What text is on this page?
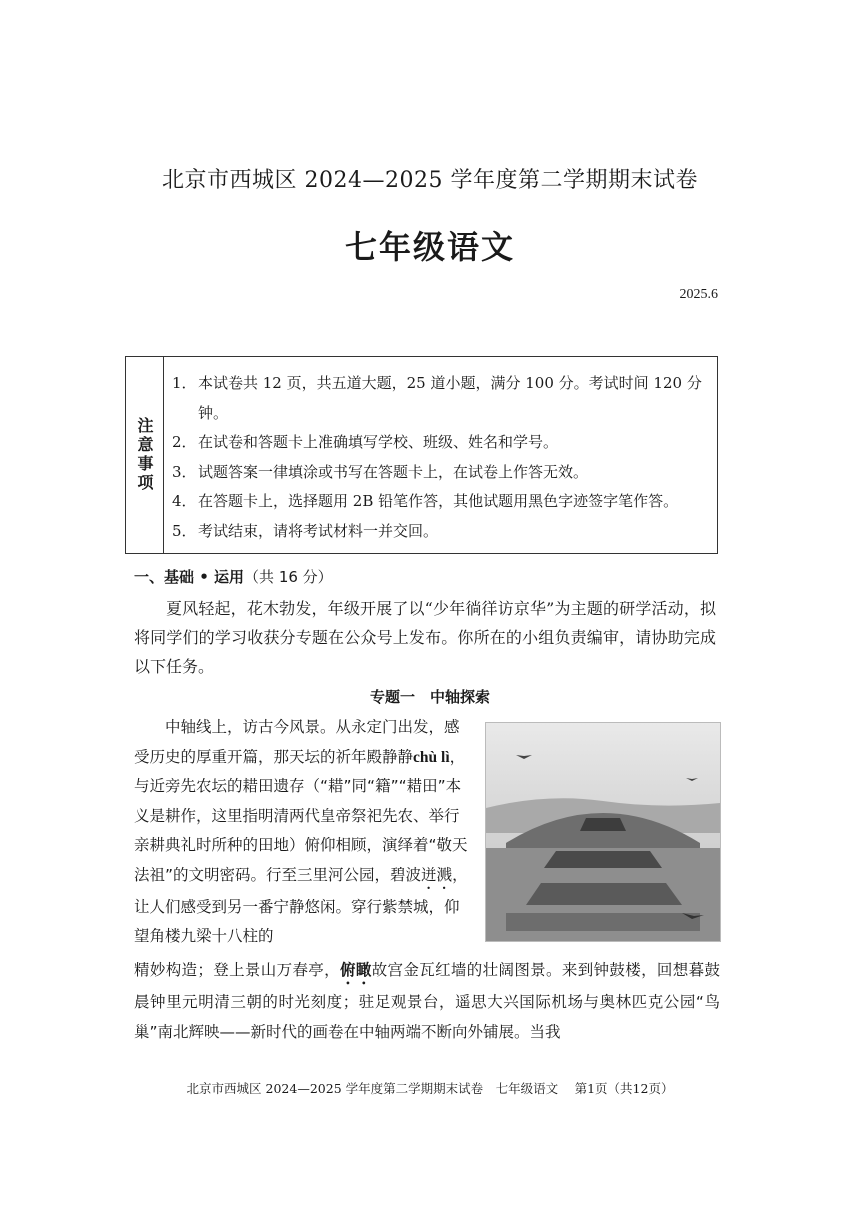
北京市西城区 2024—2025 学年度第二学期期末试卷
七年级语文
2025.6
注意事项
1． 本试卷共 12 页，共五道大题，25 道小题，满分 100 分。考试时间 120 分钟。
2． 在试卷和答题卡上准确填写学校、班级、姓名和学号。
3． 试题答案一律填涂或书写在答题卡上，在试卷上作答无效。
4． 在答题卡上，选择题用 2B 铅笔作答，其他试题用黑色字迹签字笔作答。
5． 考试结束，请将考试材料一并交回。
一、基础 • 运用（共 16 分）
夏风轻起，花木勃发，年级开展了以“少年徜徉访京华”为主题的研学活动，拟将同学们的学习收获分专题在公众号上发布。你所在的小组负责编审，请协助完成以下任务。
专题一　中轴探索
中轴线上，访古今风景。从永定门出发，感受历史的厚重开篇，那天坛的祈年殿静静chù lì，与近旁先农坛的耤田遗存（“耤”同“籍”“耤田”本义是耕作，这里指明清两代皇帝祭祀先农、举行亲耕典礼时所种的田地）俯仰相顾，演绎着“敬天法祖”的文明密码。行至三里河公园，碧波迸溅，让人们感受到另一番宁静悠闲。穿行紫禁城，仰望角楼九梁十八柱的
精妙构造；登上景山万春亭，俯瞰故宫金瓦红墙的壮阔图景。来到钟鼓楼，回想暮鼓晨钟里元明清三朝的时光刻度；驻足观景台，遥思大兴国际机场与奥林匹克公园“鸟巢”南北辉映——新时代的画卷在中轴两端不断向外铺展。当我
北京市西城区 2024—2025 学年度第二学期期末试卷　七年级语文　 第1页（共12页）
